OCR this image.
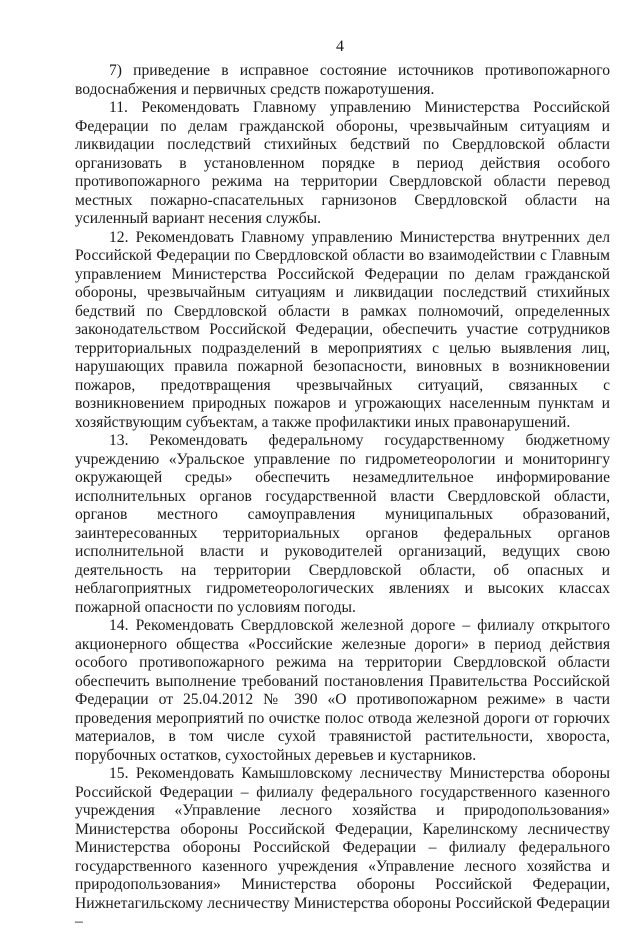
4

7) приведение в исправное состояние источников противопожарного водоснабжения и первичных средств пожаротушения.

11. Рекомендовать Главному управлению Министерства Российской Федерации по делам гражданской обороны, чрезвычайным ситуациям и ликвидации последствий стихийных бедствий по Свердловской области организовать в установленном порядке в период действия особого противопожарного режима на территории Свердловской области перевод местных пожарно-спасательных гарнизонов Свердловской области на усиленный вариант несения службы.

12. Рекомендовать Главному управлению Министерства внутренних дел Российской Федерации по Свердловской области во взаимодействии с Главным управлением Министерства Российской Федерации по делам гражданской обороны, чрезвычайным ситуациям и ликвидации последствий стихийных бедствий по Свердловской области в рамках полномочий, определенных законодательством Российской Федерации, обеспечить участие сотрудников территориальных подразделений в мероприятиях с целью выявления лиц, нарушающих правила пожарной безопасности, виновных в возникновении пожаров, предотвращения чрезвычайных ситуаций, связанных с возникновением природных пожаров и угрожающих населенным пунктам и хозяйствующим субъектам, а также профилактики иных правонарушений.

13. Рекомендовать федеральному государственному бюджетному учреждению «Уральское управление по гидрометеорологии и мониторингу окружающей среды» обеспечить незамедлительное информирование исполнительных органов государственной власти Свердловской области, органов местного самоуправления муниципальных образований, заинтересованных территориальных органов федеральных органов исполнительной власти и руководителей организаций, ведущих свою деятельность на территории Свердловской области, об опасных и неблагоприятных гидрометеорологических явлениях и высоких классах пожарной опасности по условиям погоды.

14. Рекомендовать Свердловской железной дороге – филиалу открытого акционерного общества «Российские железные дороги» в период действия особого противопожарного режима на территории Свердловской области обеспечить выполнение требований постановления Правительства Российской Федерации от 25.04.2012 № 390 «О противопожарном режиме» в части проведения мероприятий по очистке полос отвода железной дороги от горючих материалов, в том числе сухой травянистой растительности, хвороста, порубочных остатков, сухостойных деревьев и кустарников.

15. Рекомендовать Камышловскому лесничеству Министерства обороны Российской Федерации – филиалу федерального государственного казенного учреждения «Управление лесного хозяйства и природопользования» Министерства обороны Российской Федерации, Карелинскому лесничеству Министерства обороны Российской Федерации – филиалу федерального государственного казенного учреждения «Управление лесного хозяйства и природопользования» Министерства обороны Российской Федерации, Нижнетагильскому лесничеству Министерства обороны Российской Федерации –
